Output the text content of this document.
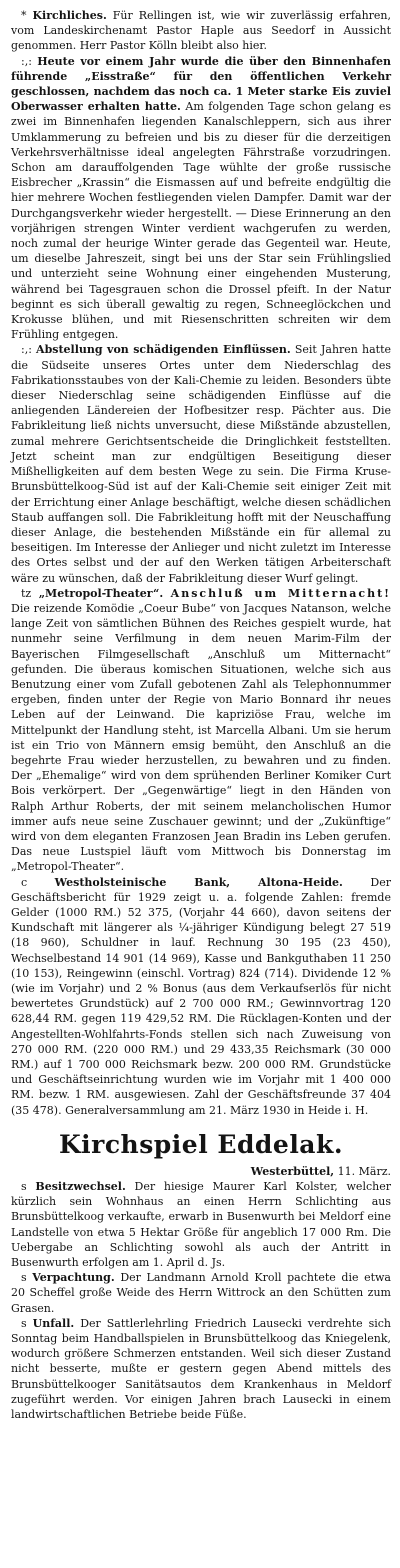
* Kirchliches. Für Rellingen ist, wie wir zuverlässig erfahren, vom Landeskirchenamt Pastor Haple aus Seedorf in Aussicht genommen. Herr Pastor Kölln bleibt also hier.

:,: Heute vor einem Jahr wurde die über den Binnenhafen führende „Eisstraße“ für den öffentlichen Verkehr geschlossen, nachdem das noch ca. 1 Meter starke Eis zuviel Oberwasser erhalten hatte. Am folgenden Tage schon gelang es zwei im Binnenhafen liegenden Kanalschleppern, sich aus ihrer Umklammerung zu befreien und bis zu dieser für die derzeitigen Verkehrsverhältnisse ideal angelegten Fährstraße vorzudringen. Schon am darauffolgenden Tage wühlte der große russische Eisbrecher „Krassin“ die Eismassen auf und befreite endgültig die hier mehrere Wochen festliegenden vielen Dampfer. Damit war der Durchgangsverkehr wieder hergestellt. — Diese Erinnerung an den vorjährigen strengen Winter verdient wachgerufen zu werden, noch zumal der heurige Winter gerade das Gegenteil war. Heute, um dieselbe Jahreszeit, singt bei uns der Star sein Frühlingslied und unterzieht seine Wohnung einer eingehenden Musterung, während bei Tagesgrauen schon die Drossel pfeift. In der Natur beginnt es sich überall gewaltig zu regen, Schneeglöckchen und Krokusse blühen, und mit Riesenschritten schreiten wir dem Frühling entgegen.

:,: Abstellung von schädigenden Einflüssen. Seit Jahren hatte die Südseite unseres Ortes unter dem Niederschlag des Fabrikationsstaubes von der Kali-Chemie zu leiden. Besonders übte dieser Niederschlag seine schädigenden Einflüsse auf die anliegenden Ländereien der Hofbesitzer resp. Pächter aus. Die Fabrikleitung ließ nichts unversucht, diese Mißstände abzustellen, zumal mehrere Gerichtsentscheide die Dringlichkeit feststellten. Jetzt scheint man zur endgültigen Beseitigung dieser Mißhelligkeiten auf dem besten Wege zu sein. Die Firma Kruse-Brunsbüttelkoog-Süd ist auf der Kali-Chemie seit einiger Zeit mit der Errichtung einer Anlage beschäftigt, welche diesen schädlichen Staub auffangen soll. Die Fabrikleitung hofft mit der Neuschaffung dieser Anlage, die bestehenden Mißstände ein für allemal zu beseitigen. Im Interesse der Anlieger und nicht zuletzt im Interesse des Ortes selbst und der auf den Werken tätigen Arbeiterschaft wäre zu wünschen, daß der Fabrikleitung dieser Wurf gelingt.

tz „Metropol-Theater“. Anschluß um Mitternacht! Die reizende Komödie „Coeur Bube“ von Jacques Natanson, welche lange Zeit von sämtlichen Bühnen des Reiches gespielt wurde, hat nunmehr seine Verfilmung in dem neuen Marim-Film der Bayerischen Filmgesellschaft „Anschluß um Mitternacht“ gefunden. Die überaus komischen Situationen, welche sich aus Benutzung einer vom Zufall gebotenen Zahl als Telephonnummer ergeben, finden unter der Regie von Mario Bonnard ihr neues Leben auf der Leinwand. Die kapriziöse Frau, welche im Mittelpunkt der Handlung steht, ist Marcella Albani. Um sie herum ist ein Trio von Männern emsig bemüht, den Anschluß an die begehrte Frau wieder herzustellen, zu bewahren und zu finden. Der „Ehemalige“ wird von dem sprühenden Berliner Komiker Curt Bois verkörpert. Der „Gegenwärtige“ liegt in den Händen von Ralph Arthur Roberts, der mit seinem melancholischen Humor immer aufs neue seine Zuschauer gewinnt; und der „Zukünftige“ wird von dem eleganten Franzosen Jean Bradin ins Leben gerufen. Das neue Lustspiel läuft vom Mittwoch bis Donnerstag im „Metropol-Theater“.

c Westholsteinische Bank, Altona-Heide. Der Geschäftsbericht für 1929 zeigt u. a. folgende Zahlen: fremde Gelder (1000 RM.) 52 375, (Vorjahr 44 660), davon seitens der Kundschaft mit längerer als ¼-jähriger Kündigung belegt 27 519 (18 960), Schuldner in lauf. Rechnung 30 195 (23 450), Wechselbestand 14 901 (14 969), Kasse und Bankguthaben 11 250 (10 153), Reingewinn (einschl. Vortrag) 824 (714). Dividende 12 % (wie im Vorjahr) und 2 % Bonus (aus dem Verkaufserlös für nicht bewertetes Grundstück) auf 2 700 000 RM.; Gewinnvortrag 120 628,44 RM. gegen 119 429,52 RM. Die Rücklagen-Konten und der Angestellten-Wohlfahrts-Fonds stellen sich nach Zuweisung von 270 000 RM. (220 000 RM.) und 29 433,35 Reichsmark (30 000 RM.) auf 1 700 000 Reichsmark bezw. 200 000 RM. Grundstücke und Geschäftseinrichtung wurden wie im Vorjahr mit 1 400 000 RM. bezw. 1 RM. ausgewiesen. Zahl der Geschäftsfreunde 37 404 (35 478). Generalversammlung am 21. März 1930 in Heide i. H.

Kirchspiel Eddelak.

Westerbüttel, 11. März.

s Besitzwechsel. Der hiesige Maurer Karl Kolster, welcher kürzlich sein Wohnhaus an einen Herrn Schlichting aus Brunsbüttelkoog verkaufte, erwarb in Busenwurth bei Meldorf eine Landstelle von etwa 5 Hektar Größe für angeblich 17 000 Rm. Die Uebergabe an Schlichting sowohl als auch der Antritt in Busenwurth erfolgen am 1. April d. Js.

s Verpachtung. Der Landmann Arnold Kroll pachtete die etwa 20 Scheffel große Weide des Herrn Wittrock an den Schütten zum Grasen.

s Unfall. Der Sattlerlehrling Friedrich Lausecki verdrehte sich Sonntag beim Handballspielen in Brunsbüttelkoog das Kniegelenk, wodurch größere Schmerzen entstanden. Weil sich dieser Zustand nicht besserte, mußte er gestern gegen Abend mittels des Brunsbüttelkooger Sanitätsautos dem Krankenhaus in Meldorf zugeführt werden. Vor einigen Jahren brach Lausecki in einem landwirtschaftlichen Betriebe beide Füße.
